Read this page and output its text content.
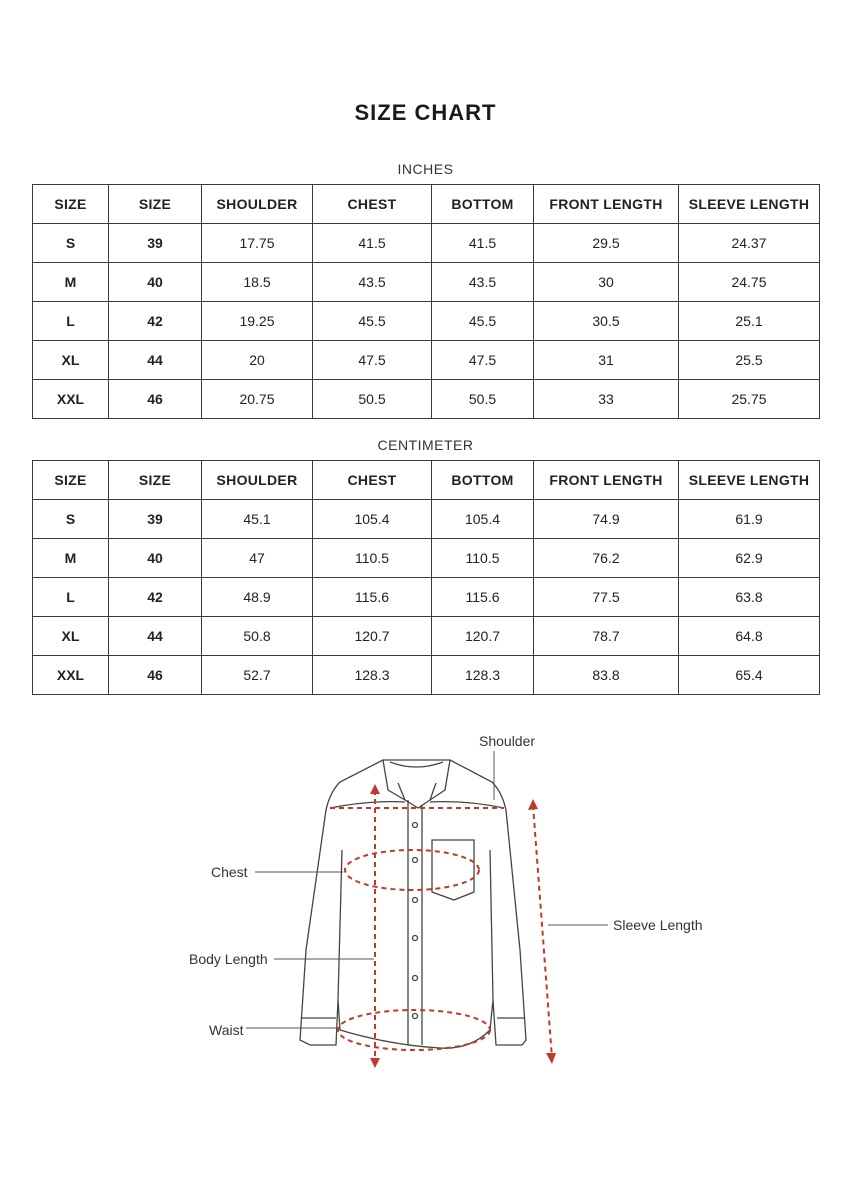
SIZE CHART
INCHES
SIZE	SIZE	SHOULDER	CHEST	BOTTOM	FRONT LENGTH	SLEEVE LENGTH
S	39	17.75	41.5	41.5	29.5	24.37
M	40	18.5	43.5	43.5	30	24.75
L	42	19.25	45.5	45.5	30.5	25.1
XL	44	20	47.5	47.5	31	25.5
XXL	46	20.75	50.5	50.5	33	25.75
CENTIMETER
SIZE	SIZE	SHOULDER	CHEST	BOTTOM	FRONT LENGTH	SLEEVE LENGTH
S	39	45.1	105.4	105.4	74.9	61.9
M	40	47	110.5	110.5	76.2	62.9
L	42	48.9	115.6	115.6	77.5	63.8
XL	44	50.8	120.7	120.7	78.7	64.8
XXL	46	52.7	128.3	128.3	83.8	65.4
Shoulder
Chest
Sleeve Length
Body Length
Waist
